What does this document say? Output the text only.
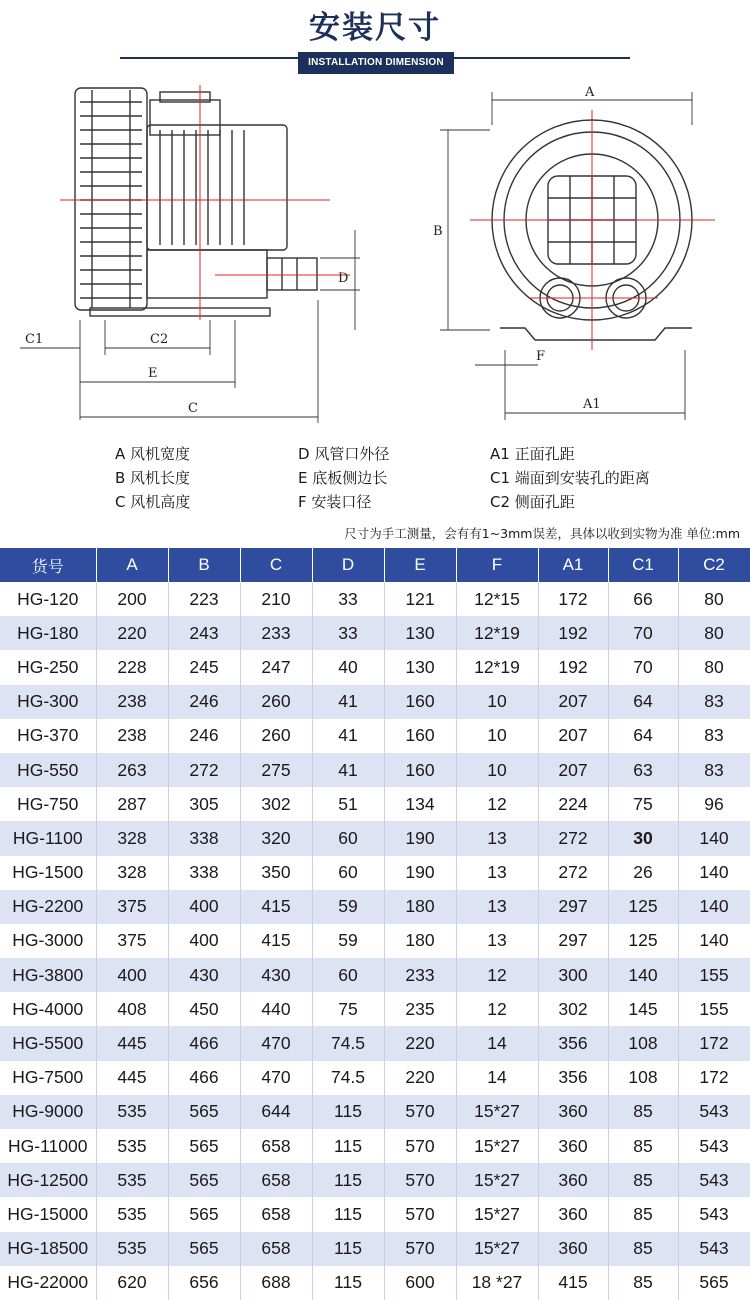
安装尺寸
INSTALLATION DIMENSION
D
C1	C2
E
C
A
B
F
A1
A 风机宽度
B 风机长度
C 风机高度
D 风管口外径
E 底板侧边长
F 安装口径
A1 正面孔距
C1 端面到安装孔的距离
C2 侧面孔距
尺寸为手工测量，会有有1~3mm误差，具体以收到实物为准 单位:mm
货号	A	B	C	D	E	F	A1	C1	C2
HG-120	200	223	210	33	121	12*15	172	66	80
HG-180	220	243	233	33	130	12*19	192	70	80
HG-250	228	245	247	40	130	12*19	192	70	80
HG-300	238	246	260	41	160	10	207	64	83
HG-370	238	246	260	41	160	10	207	64	83
HG-550	263	272	275	41	160	10	207	63	83
HG-750	287	305	302	51	134	12	224	75	96
HG-1100	328	338	320	60	190	13	272	30	140
HG-1500	328	338	350	60	190	13	272	26	140
HG-2200	375	400	415	59	180	13	297	125	140
HG-3000	375	400	415	59	180	13	297	125	140
HG-3800	400	430	430	60	233	12	300	140	155
HG-4000	408	450	440	75	235	12	302	145	155
HG-5500	445	466	470	74.5	220	14	356	108	172
HG-7500	445	466	470	74.5	220	14	356	108	172
HG-9000	535	565	644	115	570	15*27	360	85	543
HG-11000	535	565	658	115	570	15*27	360	85	543
HG-12500	535	565	658	115	570	15*27	360	85	543
HG-15000	535	565	658	115	570	15*27	360	85	543
HG-18500	535	565	658	115	570	15*27	360	85	543
HG-22000	620	656	688	115	600	18 *27	415	85	565
